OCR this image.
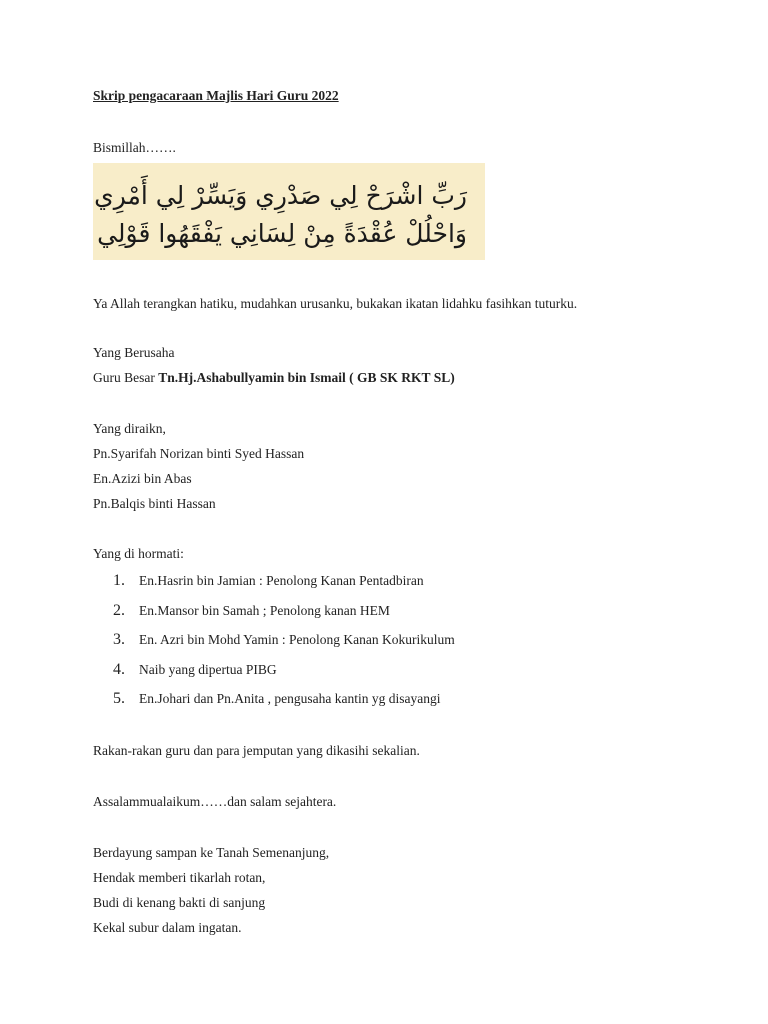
Skrip pengacaraan Majlis Hari Guru 2022
Bismillah…….
رَبِّ اشْرَحْ لِي صَدْرِي وَيَسِّرْ لِي أَمْرِي
وَاحْلُلْ عُقْدَةً مِنْ لِسَانِي يَفْقَهُوا قَوْلِي
Ya Allah terangkan hatiku, mudahkan urusanku, bukakan ikatan lidahku fasihkan tuturku.
Yang Berusaha
Guru Besar Tn.Hj.Ashabullyamin bin Ismail ( GB SK RKT SL)
Yang diraikn,
Pn.Syarifah Norizan binti Syed Hassan
En.Azizi bin Abas
Pn.Balqis binti Hassan
Yang di hormati:
1. En.Hasrin bin Jamian : Penolong Kanan Pentadbiran
2. En.Mansor bin Samah ; Penolong kanan HEM
3. En. Azri bin Mohd Yamin : Penolong Kanan Kokurikulum
4. Naib yang dipertua PIBG
5. En.Johari dan Pn.Anita , pengusaha kantin yg disayangi
Rakan-rakan guru dan para jemputan yang dikasihi sekalian.
Assalammualaikum……dan salam sejahtera.
Berdayung sampan ke Tanah Semenanjung,
Hendak memberi tikarlah rotan,
Budi di kenang bakti di sanjung
Kekal subur dalam ingatan.
